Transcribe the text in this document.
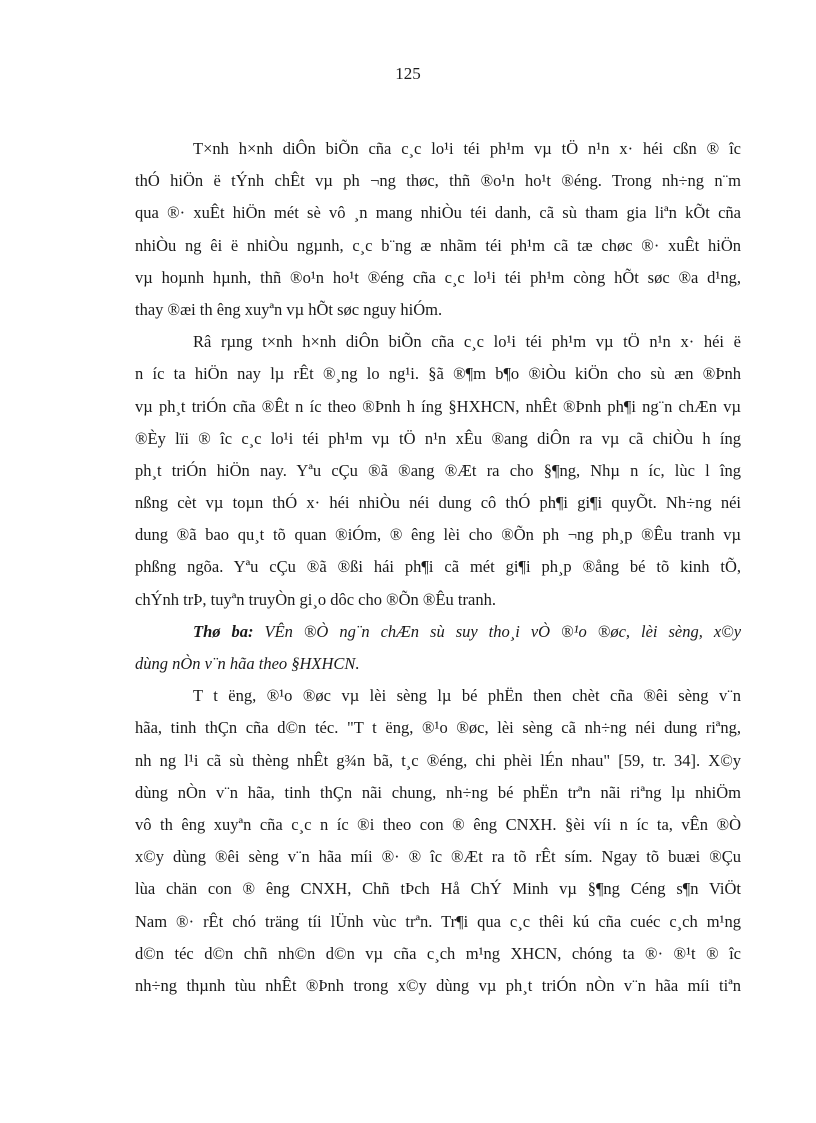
125
T×nh h×nh diÔn biÕn cña c¸c lo¹i téi ph¹m vµ tÖ n¹n x· héi cßn ® îc
thÓ hiÖn ë tÝnh chÊt vµ ph ¬ng thøc, thñ ®o¹n ho¹t ®éng. Trong nh÷ng n¨m
qua ®· xuÊt hiÖn mét sè vô ¸n mang nhiÒu téi danh, cã sù tham gia liªn kÕt cña
nhiÒu ng êi ë nhiÒu ngµnh, c¸c b¨ng æ nhãm téi ph¹m cã tæ chøc ®· xuÊt hiÖn
vµ hoµnh hµnh, thñ ®o¹n ho¹t ®éng cña c¸c lo¹i téi ph¹m còng hÕt søc ®a d¹ng,
thay ®æi th êng xuyªn vµ hÕt søc nguy hiÓm.
Râ rµng t×nh h×nh diÔn biÕn cña c¸c lo¹i téi ph¹m vµ tÖ n¹n x· héi ë
n íc ta hiÖn nay lµ rÊt ®¸ng lo ng¹i. §ã ®¶m b¶o ®iÒu kiÖn cho sù æn ®Þnh
vµ ph¸t triÓn cña ®Êt n íc theo ®Þnh h íng §HXHCN, nhÊt ®Þnh ph¶i ng¨n chÆn vµ
®Èy lïi ® îc c¸c lo¹i téi ph¹m vµ tÖ n¹n xÊu ®ang diÔn ra vµ cã chiÒu h íng
ph¸t triÓn hiÖn nay. Yªu cÇu ®ã ®ang ®Æt ra cho §¶ng, Nhµ n íc, lùc l îng
nßng cèt vµ toµn thÓ x· héi nhiÒu néi dung cô thÓ ph¶i gi¶i quyÕt. Nh÷ng néi
dung ®ã bao qu¸t tõ quan ®iÓm, ® êng lèi cho ®Õn ph ¬ng ph¸p ®Êu tranh vµ
phßng ngõa. Yªu cÇu ®ã ®ßi hái ph¶i cã mét gi¶i ph¸p ®ång bé tõ kinh tÕ,
chÝnh trÞ, tuyªn truyÒn gi¸o dôc cho ®Õn ®Êu tranh.
Thø ba: VÊn ®Ò ng¨n chÆn sù suy tho¸i vÒ ®¹o ®øc, lèi sèng, x©y
dùng nÒn v¨n hãa theo §HXHCN.
T t ëng, ®¹o ®øc vµ lèi sèng lµ bé phËn then chèt cña ®êi sèng v¨n
hãa, tinh thÇn cña d©n téc. "T t ëng, ®¹o ®øc, lèi sèng cã nh÷ng néi dung riªng,
nh ng l¹i cã sù thèng nhÊt g¾n bã, t¸c ®éng, chi phèi lÉn nhau" [59, tr. 34]. X©y
dùng nÒn v¨n hãa, tinh thÇn nãi chung, nh÷ng bé phËn trªn nãi riªng lµ nhiÖm
vô th êng xuyªn cña c¸c n íc ®i theo con ® êng CNXH. §èi víi n íc ta, vÊn ®Ò
x©y dùng ®êi sèng v¨n hãa míi ®· ® îc ®Æt ra tõ rÊt sím. Ngay tõ buæi ®Çu
lùa chän con ® êng CNXH, Chñ tÞch Hå ChÝ Minh vµ §¶ng Céng s¶n ViÖt
Nam ®· rÊt chó träng tíi lÜnh vùc trªn. Tr¶i qua c¸c thêi kú cña cuéc c¸ch m¹ng
d©n téc d©n chñ nh©n d©n vµ cña c¸ch m¹ng XHCN, chóng ta ®· ®¹t ® îc
nh÷ng thµnh tùu nhÊt ®Þnh trong x©y dùng vµ ph¸t triÓn nÒn v¨n hãa míi tiªn
